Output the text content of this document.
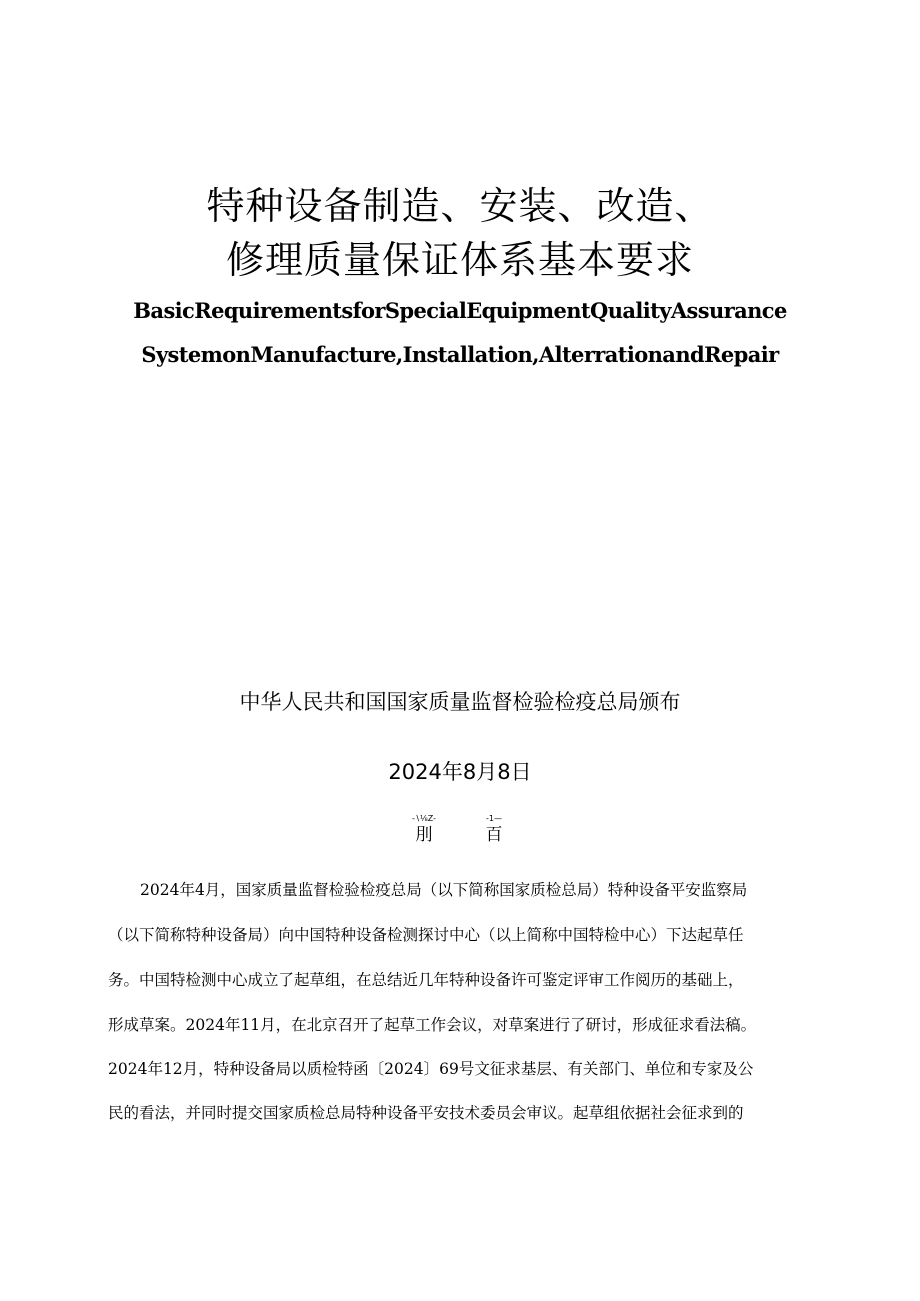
特种设备制造、安装、改造、
修理质量保证体系基本要求
BasicRequirementsforSpecialEquipmentQualityAssurance
SystemonManufacture,Installation,AlterrationandRepair
中华人民共和国国家质量监督检验检疫总局颁布
2024年8月8日
-∖⅛Z-
刖
-1—
百
2024年4月，国家质量监督检验检疫总局（以下简称国家质检总局）特种设备平安监察局
（以下简称特种设备局）向中国特种设备检测探讨中心（以上简称中国特检中心）下达起草任
务。中国特检测中心成立了起草组，在总结近几年特种设备许可鉴定评审工作阅历的基础上，
形成草案。2024年11月，在北京召开了起草工作会议，对草案进行了研讨，形成征求看法稿。
2024年12月，特种设备局以质检特函〔2024〕69号文征求基层、有关部门、单位和专家及公
民的看法，并同时提交国家质检总局特种设备平安技术委员会审议。起草组依据社会征求到的
